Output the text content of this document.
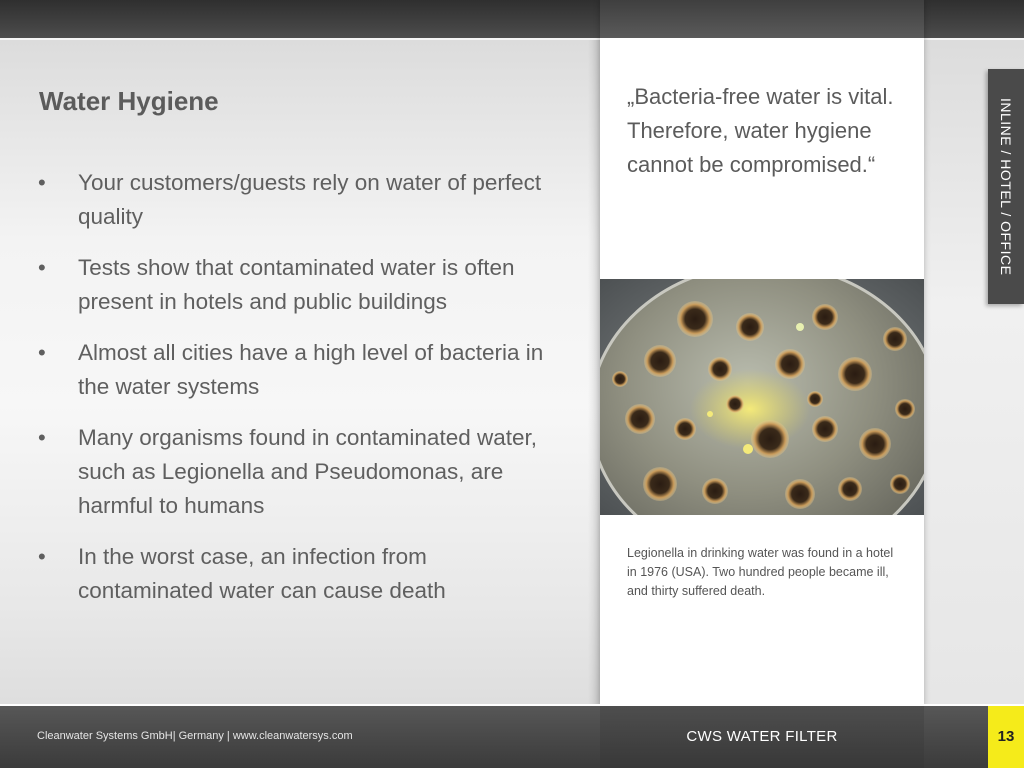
Water Hygiene
• Your customers/guests rely on water of perfect quality
• Tests show that contaminated water is often present in hotels and public buildings
• Almost all cities have a high level of bacteria in the water systems
• Many organisms found in contaminated water, such as Legionella and Pseudomonas, are harmful to humans
• In the worst case, an infection from contaminated water can cause death

„Bacteria-free water is vital. Therefore, water hygiene cannot be compromised.“

Legionella in drinking water was found in a hotel in 1976 (USA). Two hundred people became ill, and thirty suffered death.

INLINE / HOTEL / OFFICE
Cleanwater Systems GmbH| Germany | www.cleanwatersys.com	CWS WATER FILTER	13
